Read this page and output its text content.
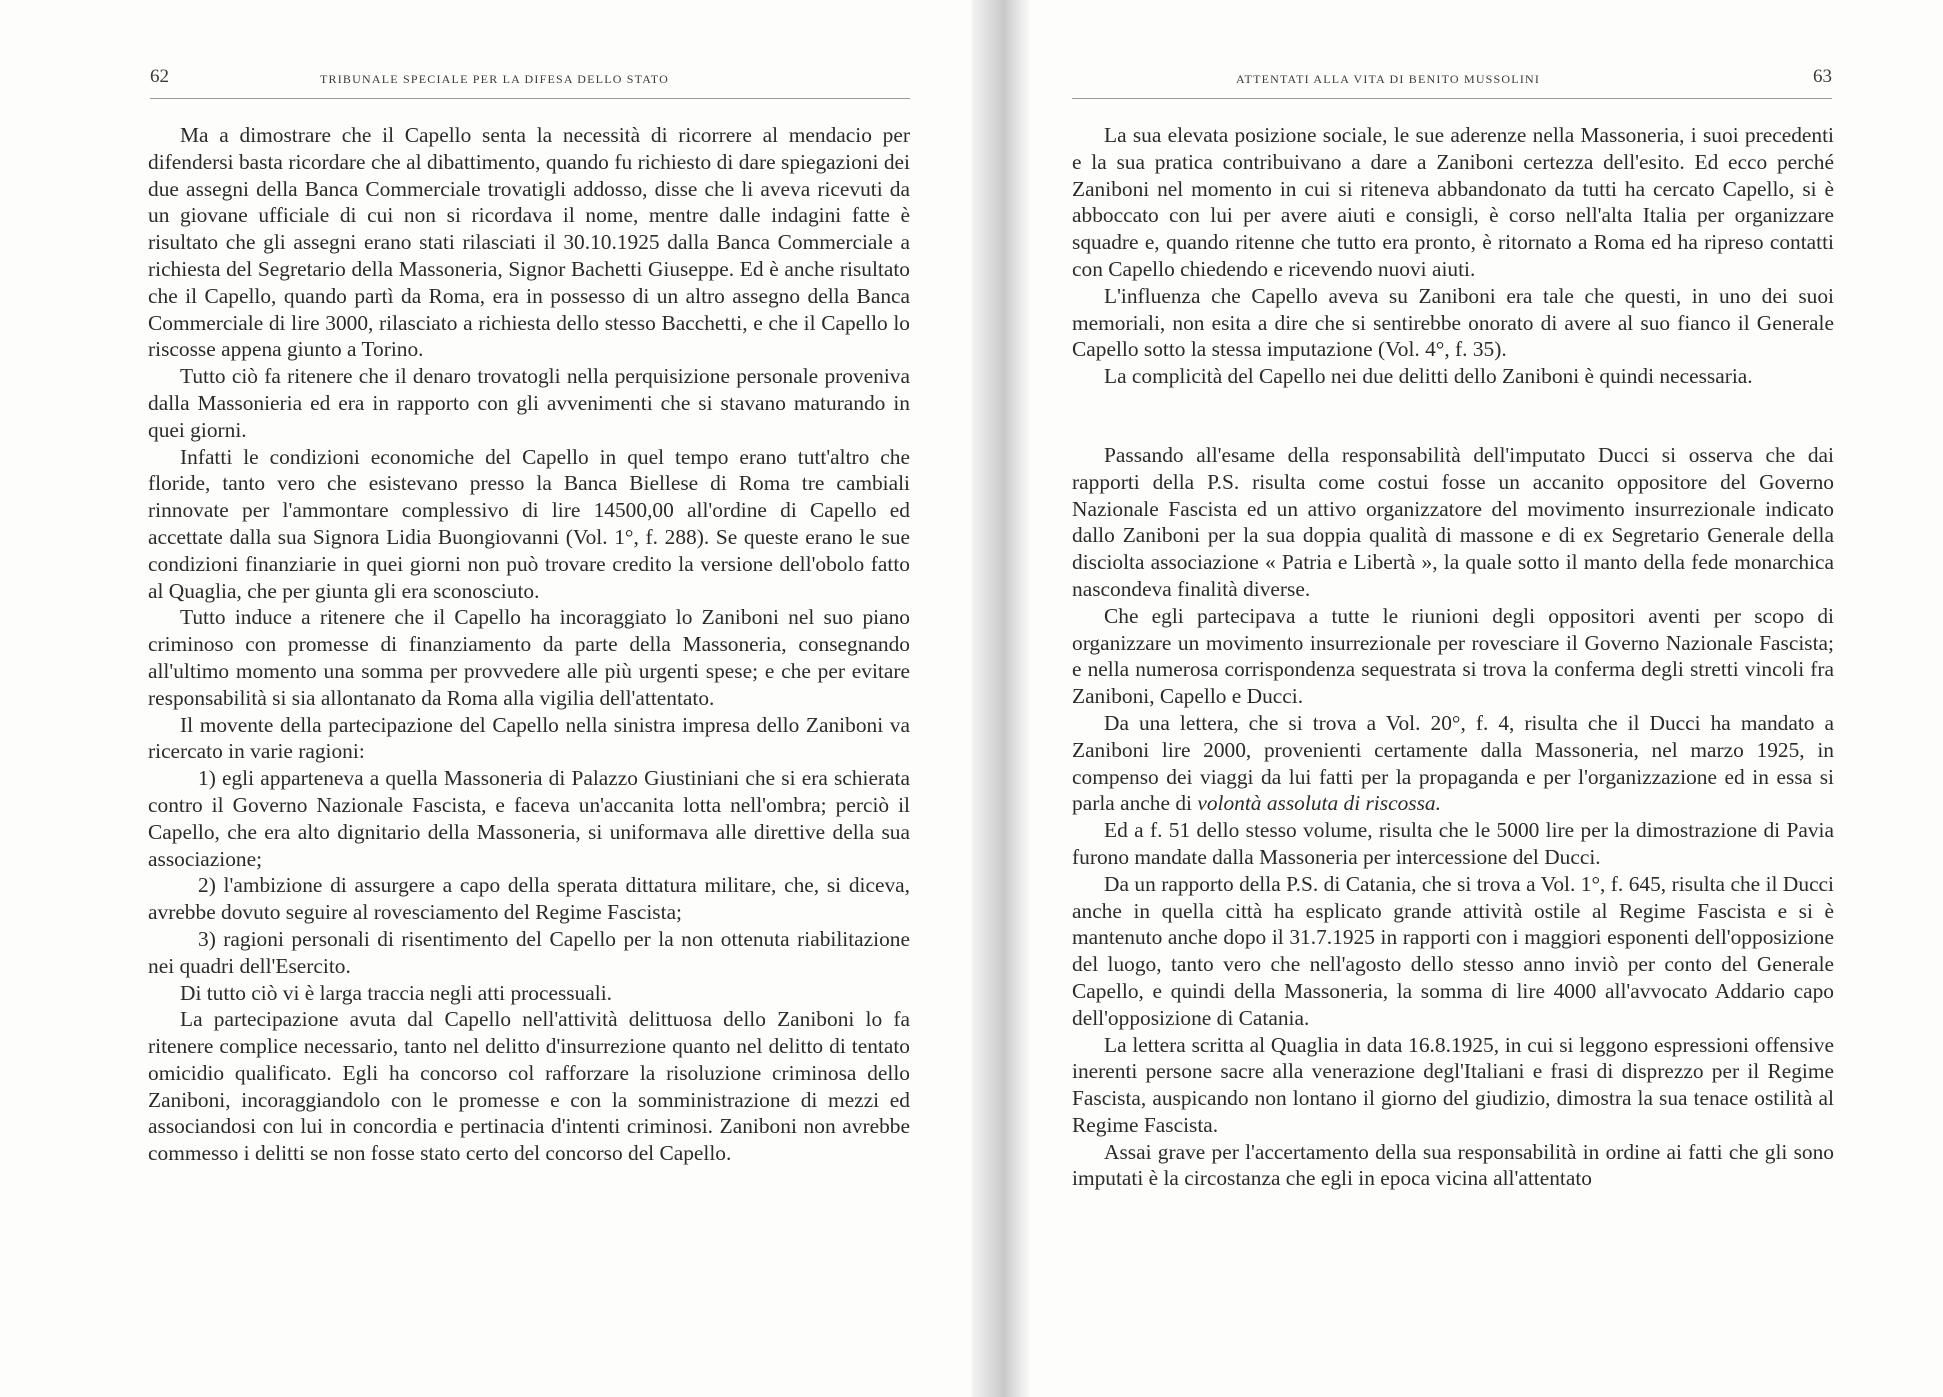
62	TRIBUNALE SPECIALE PER LA DIFESA DELLO STATO

Ma a dimostrare che il Capello senta la necessità di ricorrere al mendacio per difendersi basta ricordare che al dibattimento, quando fu richiesto di dare spiegazioni dei due assegni della Banca Commerciale trovatigli addosso, disse che li aveva ricevuti da un giovane ufficiale di cui non si ricordava il nome, mentre dalle indagini fatte è risultato che gli assegni erano stati rilasciati il 30.10.1925 dalla Banca Commerciale a richiesta del Segretario della Massoneria, Signor Bachetti Giuseppe. Ed è anche risultato che il Capello, quando partì da Roma, era in possesso di un altro assegno della Banca Commerciale di lire 3000, rilasciato a richiesta dello stesso Bacchetti, e che il Capello lo riscosse appena giunto a Torino.

Tutto ciò fa ritenere che il denaro trovatogli nella perquisizione personale proveniva dalla Massonieria ed era in rapporto con gli avvenimenti che si stavano maturando in quei giorni.

Infatti le condizioni economiche del Capello in quel tempo erano tutt'altro che floride, tanto vero che esistevano presso la Banca Biellese di Roma tre cambiali rinnovate per l'ammontare complessivo di lire 14500,00 all'ordine di Capello ed accettate dalla sua Signora Lidia Buongiovanni (Vol. 1°, f. 288). Se queste erano le sue condizioni finanziarie in quei giorni non può trovare credito la versione dell'obolo fatto al Quaglia, che per giunta gli era sconosciuto.

Tutto induce a ritenere che il Capello ha incoraggiato lo Zaniboni nel suo piano criminoso con promesse di finanziamento da parte della Massoneria, consegnando all'ultimo momento una somma per provvedere alle più urgenti spese; e che per evitare responsabilità si sia allontanato da Roma alla vigilia dell'attentato.

Il movente della partecipazione del Capello nella sinistra impresa dello Zaniboni va ricercato in varie ragioni:

1) egli apparteneva a quella Massoneria di Palazzo Giustiniani che si era schierata contro il Governo Nazionale Fascista, e faceva un'accanita lotta nell'ombra; perciò il Capello, che era alto dignitario della Massoneria, si uniformava alle direttive della sua associazione;

2) l'ambizione di assurgere a capo della sperata dittatura militare, che, si diceva, avrebbe dovuto seguire al rovesciamento del Regime Fascista;

3) ragioni personali di risentimento del Capello per la non ottenuta riabilitazione nei quadri dell'Esercito.

Di tutto ciò vi è larga traccia negli atti processuali.

La partecipazione avuta dal Capello nell'attività delittuosa dello Zaniboni lo fa ritenere complice necessario, tanto nel delitto d'insurrezione quanto nel delitto di tentato omicidio qualificato. Egli ha concorso col rafforzare la risoluzione criminosa dello Zaniboni, incoraggiandolo con le promesse e con la somministrazione di mezzi ed associandosi con lui in concordia e pertinacia d'intenti criminosi. Zaniboni non avrebbe commesso i delitti se non fosse stato certo del concorso del Capello.

ATTENTATI ALLA VITA DI BENITO MUSSOLINI	63

La sua elevata posizione sociale, le sue aderenze nella Massoneria, i suoi precedenti e la sua pratica contribuivano a dare a Zaniboni certezza dell'esito. Ed ecco perché Zaniboni nel momento in cui si riteneva abbandonato da tutti ha cercato Capello, si è abboccato con lui per avere aiuti e consigli, è corso nell'alta Italia per organizzare squadre e, quando ritenne che tutto era pronto, è ritornato a Roma ed ha ripreso contatti con Capello chiedendo e ricevendo nuovi aiuti.

L'influenza che Capello aveva su Zaniboni era tale che questi, in uno dei suoi memoriali, non esita a dire che si sentirebbe onorato di avere al suo fianco il Generale Capello sotto la stessa imputazione (Vol. 4°, f. 35).

La complicità del Capello nei due delitti dello Zaniboni è quindi necessaria.

Passando all'esame della responsabilità dell'imputato Ducci si osserva che dai rapporti della P.S. risulta come costui fosse un accanito oppositore del Governo Nazionale Fascista ed un attivo organizzatore del movimento insurrezionale indicato dallo Zaniboni per la sua doppia qualità di massone e di ex Segretario Generale della disciolta associazione « Patria e Libertà », la quale sotto il manto della fede monarchica nascondeva finalità diverse.

Che egli partecipava a tutte le riunioni degli oppositori aventi per scopo di organizzare un movimento insurrezionale per rovesciare il Governo Nazionale Fascista; e nella numerosa corrispondenza sequestrata si trova la conferma degli stretti vincoli fra Zaniboni, Capello e Ducci.

Da una lettera, che si trova a Vol. 20°, f. 4, risulta che il Ducci ha mandato a Zaniboni lire 2000, provenienti certamente dalla Massoneria, nel marzo 1925, in compenso dei viaggi da lui fatti per la propaganda e per l'organizzazione ed in essa si parla anche di volontà assoluta di riscossa.

Ed a f. 51 dello stesso volume, risulta che le 5000 lire per la dimostrazione di Pavia furono mandate dalla Massoneria per intercessione del Ducci.

Da un rapporto della P.S. di Catania, che si trova a Vol. 1°, f. 645, risulta che il Ducci anche in quella città ha esplicato grande attività ostile al Regime Fascista e si è mantenuto anche dopo il 31.7.1925 in rapporti con i maggiori esponenti dell'opposizione del luogo, tanto vero che nell'agosto dello stesso anno inviò per conto del Generale Capello, e quindi della Massoneria, la somma di lire 4000 all'avvocato Addario capo dell'opposizione di Catania.

La lettera scritta al Quaglia in data 16.8.1925, in cui si leggono espressioni offensive inerenti persone sacre alla venerazione degl'Italiani e frasi di disprezzo per il Regime Fascista, auspicando non lontano il giorno del giudizio, dimostra la sua tenace ostilità al Regime Fascista.

Assai grave per l'accertamento della sua responsabilità in ordine ai fatti che gli sono imputati è la circostanza che egli in epoca vicina all'attentato
